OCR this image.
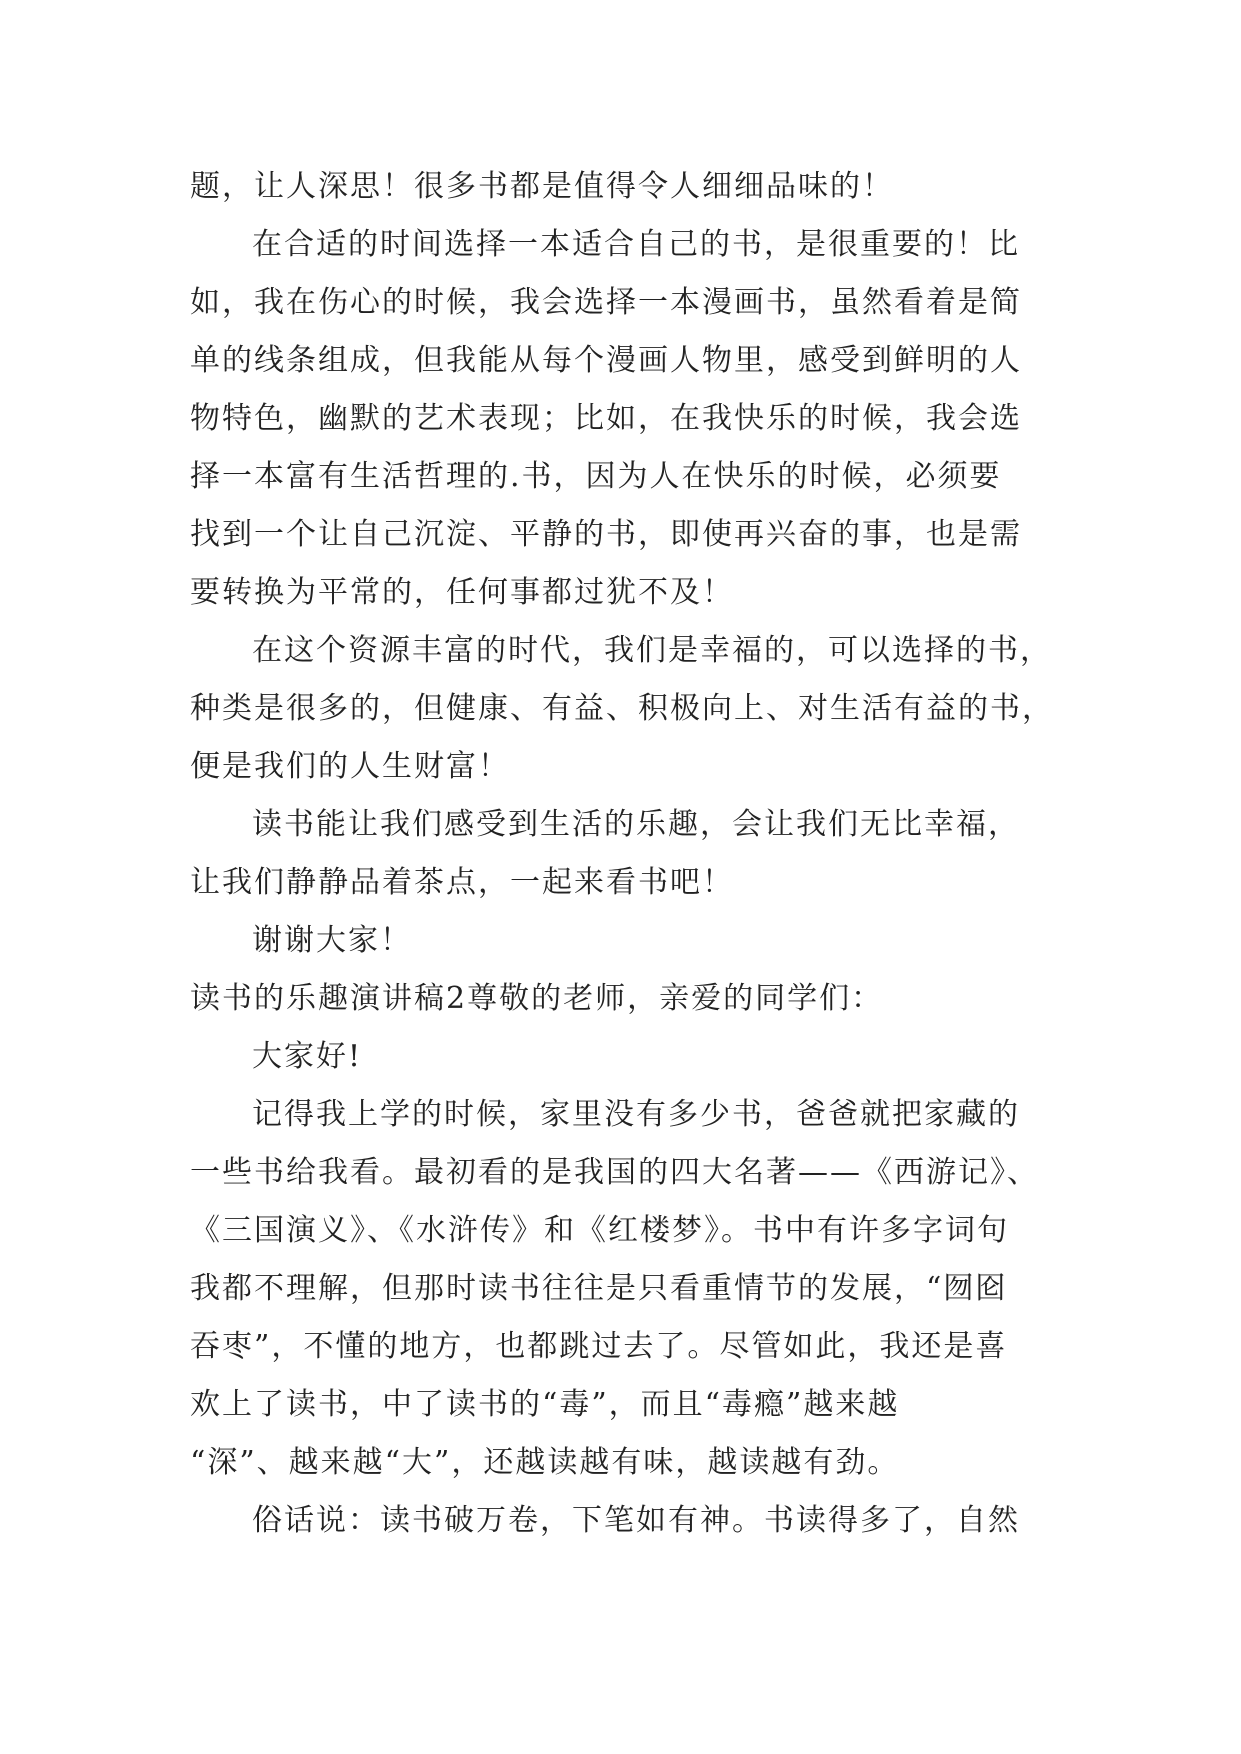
题，让人深思！很多书都是值得令人细细品味的！
在合适的时间选择一本适合自己的书，是很重要的！比
如，我在伤心的时候，我会选择一本漫画书，虽然看着是简
单的线条组成，但我能从每个漫画人物里，感受到鲜明的人
物特色，幽默的艺术表现；比如，在我快乐的时候，我会选
择一本富有生活哲理的.书，因为人在快乐的时候，必须要
找到一个让自己沉淀、平静的书，即使再兴奋的事，也是需
要转换为平常的，任何事都过犹不及！
在这个资源丰富的时代，我们是幸福的，可以选择的书，
种类是很多的，但健康、有益、积极向上、对生活有益的书，
便是我们的人生财富！
读书能让我们感受到生活的乐趣，会让我们无比幸福，
让我们静静品着茶点，一起来看书吧！
谢谢大家！
读书的乐趣演讲稿2尊敬的老师，亲爱的同学们：
大家好!
记得我上学的时候，家里没有多少书，爸爸就把家藏的
一些书给我看。最初看的是我国的四大名著——《西游记》、
《三国演义》、《水浒传》和《红楼梦》。书中有许多字词句
我都不理解，但那时读书往往是只看重情节的发展，“囫囵
吞枣”，不懂的地方，也都跳过去了。尽管如此，我还是喜
欢上了读书，中了读书的“毒”，而且“毒瘾”越来越
“深”、越来越“大”，还越读越有味，越读越有劲。
俗话说：读书破万卷，下笔如有神。书读得多了，自然
